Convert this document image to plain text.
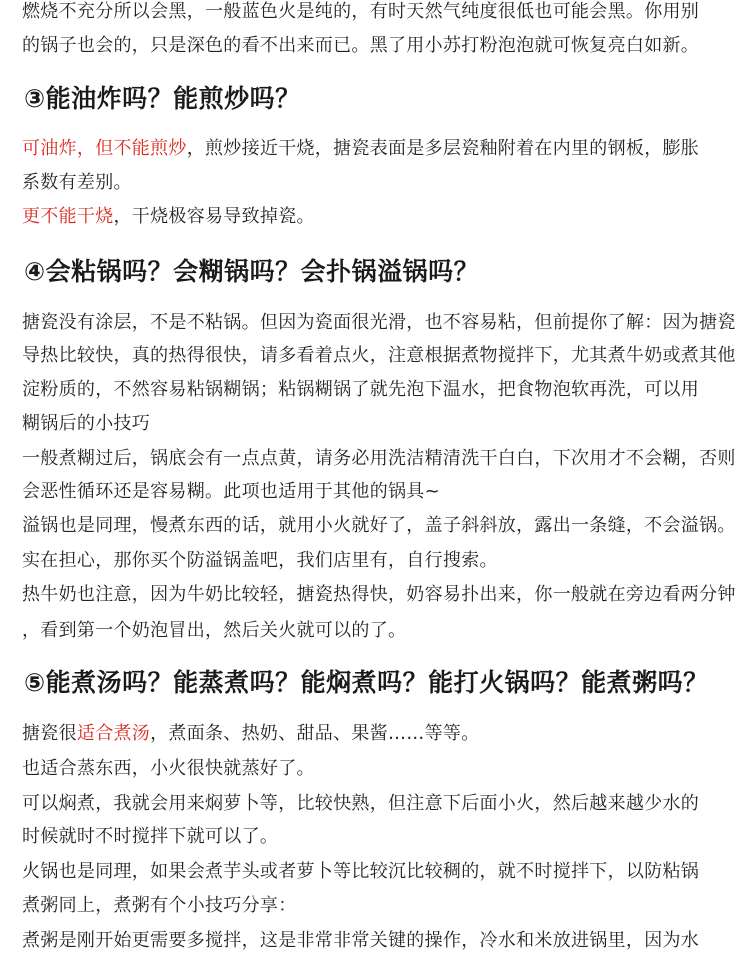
燃烧不充分所以会黑，一般蓝色火是纯的，有时天然气纯度很低也可能会黑。你用别
的锅子也会的，只是深色的看不出来而已。黑了用小苏打粉泡泡就可恢复亮白如新。
③能油炸吗？能煎炒吗？
可油炸，但不能煎炒，煎炒接近干烧，搪瓷表面是多层瓷釉附着在内里的钢板，膨胀
系数有差别。
更不能干烧，干烧极容易导致掉瓷。
④会粘锅吗？会糊锅吗？会扑锅溢锅吗？
搪瓷没有涂层，不是不粘锅。但因为瓷面很光滑，也不容易粘，但前提你了解：因为搪瓷
导热比较快，真的热得很快，请多看着点火，注意根据煮物搅拌下，尤其煮牛奶或煮其他
淀粉质的，不然容易粘锅糊锅；粘锅糊锅了就先泡下温水，把食物泡软再洗，可以用
糊锅后的小技巧
一般煮糊过后，锅底会有一点点黄，请务必用洗洁精清洗干白白，下次用才不会糊，否则
会恶性循环还是容易糊。此项也适用于其他的锅具~
溢锅也是同理，慢煮东西的话，就用小火就好了，盖子斜斜放，露出一条缝，不会溢锅。
实在担心，那你买个防溢锅盖吧，我们店里有，自行搜索。
热牛奶也注意，因为牛奶比较轻，搪瓷热得快，奶容易扑出来，你一般就在旁边看两分钟
，看到第一个奶泡冒出，然后关火就可以的了。
⑤能煮汤吗？能蒸煮吗？能焖煮吗？能打火锅吗？能煮粥吗？
搪瓷很适合煮汤，煮面条、热奶、甜品、果酱……等等。
也适合蒸东西，小火很快就蒸好了。
可以焖煮，我就会用来焖萝卜等，比较快熟，但注意下后面小火，然后越来越少水的
时候就时不时搅拌下就可以了。
火锅也是同理，如果会煮芋头或者萝卜等比较沉比较稠的，就不时搅拌下，以防粘锅
煮粥同上，煮粥有个小技巧分享：
煮粥是刚开始更需要多搅拌，这是非常非常关键的操作，冷水和米放进锅里，因为水
